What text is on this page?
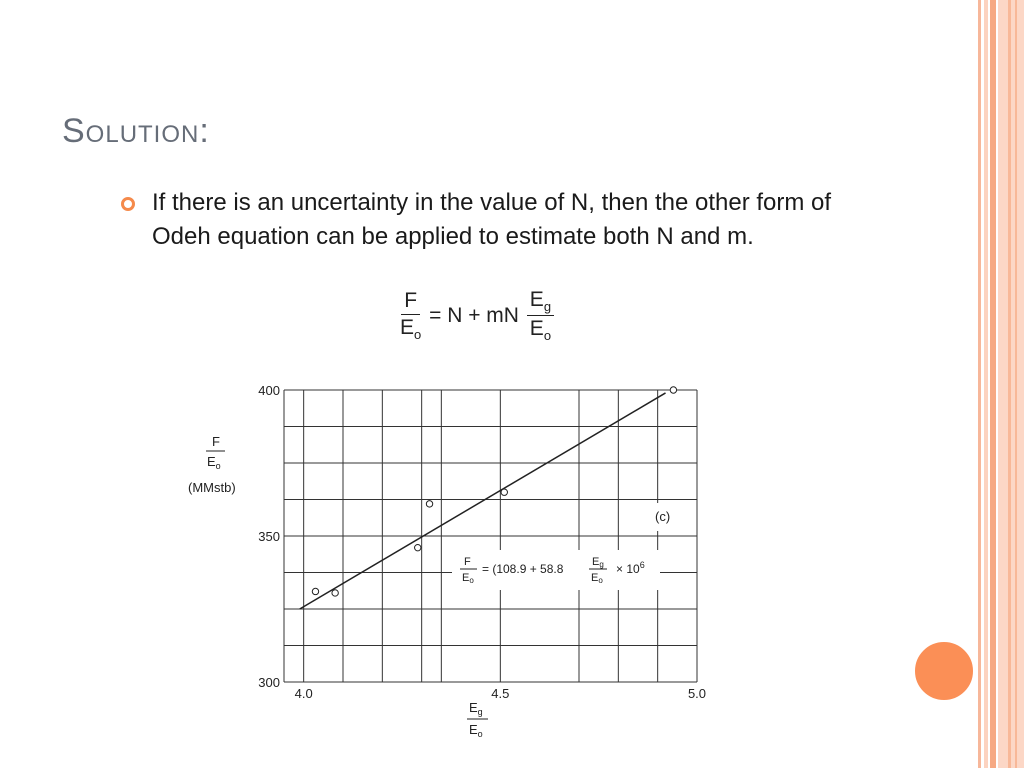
Solution:
If there is an uncertainty in the value of N, then the other form of Odeh equation can be applied to estimate both N and m.
$\frac{F}{E_o} = N$ + mN $\frac{E_g}{E_o}$
4.0	4.5	5.0
300
350
400
F
$E_o$
(MMstb)
$E_g$
$E_o$
(c)
F
Eo
= (108.9 + 58.8	Eg
Eo
× $10^6$
